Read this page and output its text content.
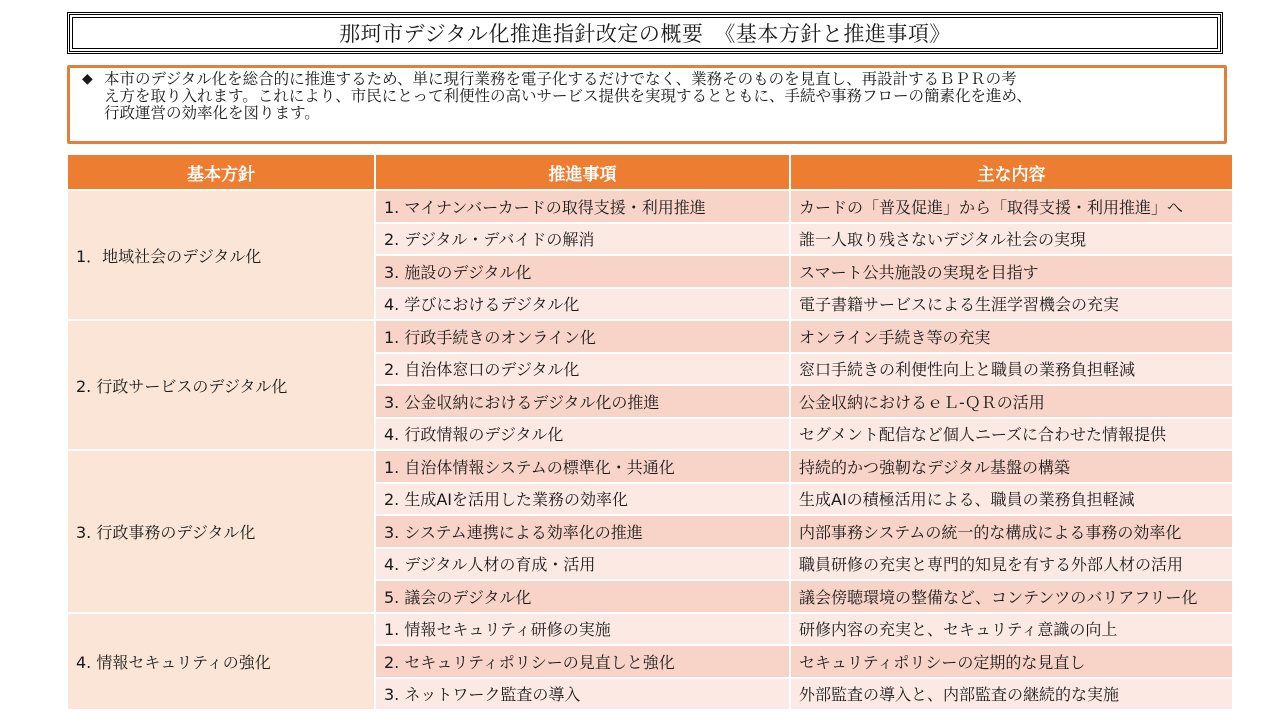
那珂市デジタル化推進指針改定の概要　《基本方針と推進事項》
◆ 本市のデジタル化を総合的に推進するため、単に現行業務を電子化するだけでなく、業務そのものを見直し、再設計するＢＰＲの考
え方を取り入れます。これにより、市民にとって利便性の高いサービス提供を実現するとともに、手続や事務フローの簡素化を進め、
行政運営の効率化を図ります。
基本方針	推進事項	主な内容
1．地域社会のデジタル化	1. マイナンバーカードの取得支援・利用推進	カードの「普及促進」から「取得支援・利用推進」へ
	2. デジタル・デバイドの解消	誰一人取り残さないデジタル社会の実現
	3. 施設のデジタル化	スマート公共施設の実現を目指す
	4. 学びにおけるデジタル化	電子書籍サービスによる生涯学習機会の充実
2. 行政サービスのデジタル化	1. 行政手続きのオンライン化	オンライン手続き等の充実
	2. 自治体窓口のデジタル化	窓口手続きの利便性向上と職員の業務負担軽減
	3. 公金収納におけるデジタル化の推進	公金収納におけるｅＬ-ＱＲの活用
	4. 行政情報のデジタル化	セグメント配信など個人ニーズに合わせた情報提供
3. 行政事務のデジタル化	1. 自治体情報システムの標準化・共通化	持続的かつ強靭なデジタル基盤の構築
	2. 生成AIを活用した業務の効率化	生成AIの積極活用による、職員の業務負担軽減
	3. システム連携による効率化の推進	内部事務システムの統一的な構成による事務の効率化
	4. デジタル人材の育成・活用	職員研修の充実と専門的知見を有する外部人材の活用
	5. 議会のデジタル化	議会傍聴環境の整備など、コンテンツのバリアフリー化
4. 情報セキュリティの強化	1. 情報セキュリティ研修の実施	研修内容の充実と、セキュリティ意識の向上
	2. セキュリティポリシーの見直しと強化	セキュリティポリシーの定期的な見直し
	3. ネットワーク監査の導入	外部監査の導入と、内部監査の継続的な実施
